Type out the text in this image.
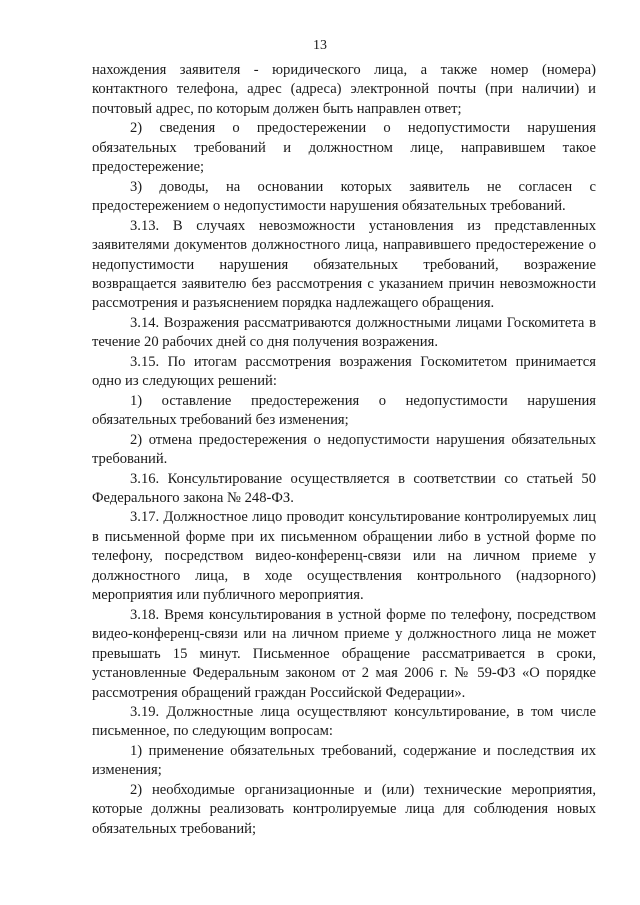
13

нахождения заявителя - юридического лица, а также номер (номера) контактного телефона, адрес (адреса) электронной почты (при наличии) и почтовый адрес, по которым должен быть направлен ответ;

2) сведения о предостережении о недопустимости нарушения обязательных требований и должностном лице, направившем такое предостережение;

3) доводы, на основании которых заявитель не согласен с предостережением о недопустимости нарушения обязательных требований.

3.13. В случаях невозможности установления из представленных заявителями документов должностного лица, направившего предостережение о недопустимости нарушения обязательных требований, возражение возвращается заявителю без рассмотрения с указанием причин невозможности рассмотрения и разъяснением порядка надлежащего обращения.

3.14. Возражения рассматриваются должностными лицами Госкомитета в течение 20 рабочих дней со дня получения возражения.

3.15. По итогам рассмотрения возражения Госкомитетом принимается одно из следующих решений:

1) оставление предостережения о недопустимости нарушения обязательных требований без изменения;

2) отмена предостережения о недопустимости нарушения обязательных требований.

3.16. Консультирование осуществляется в соответствии со статьей 50 Федерального закона № 248-ФЗ.

3.17. Должностное лицо проводит консультирование контролируемых лиц в письменной форме при их письменном обращении либо в устной форме по телефону, посредством видео-конференц-связи или на личном приеме у должностного лица, в ходе осуществления контрольного (надзорного) мероприятия или публичного мероприятия.

3.18. Время консультирования в устной форме по телефону, посредством видео-конференц-связи или на личном приеме у должностного лица не может превышать 15 минут. Письменное обращение рассматривается в сроки, установленные Федеральным законом от 2 мая 2006 г. № 59-ФЗ «О порядке рассмотрения обращений граждан Российской Федерации».

3.19. Должностные лица осуществляют консультирование, в том числе письменное, по следующим вопросам:

1) применение обязательных требований, содержание и последствия их изменения;

2) необходимые организационные и (или) технические мероприятия, которые должны реализовать контролируемые лица для соблюдения новых обязательных требований;
